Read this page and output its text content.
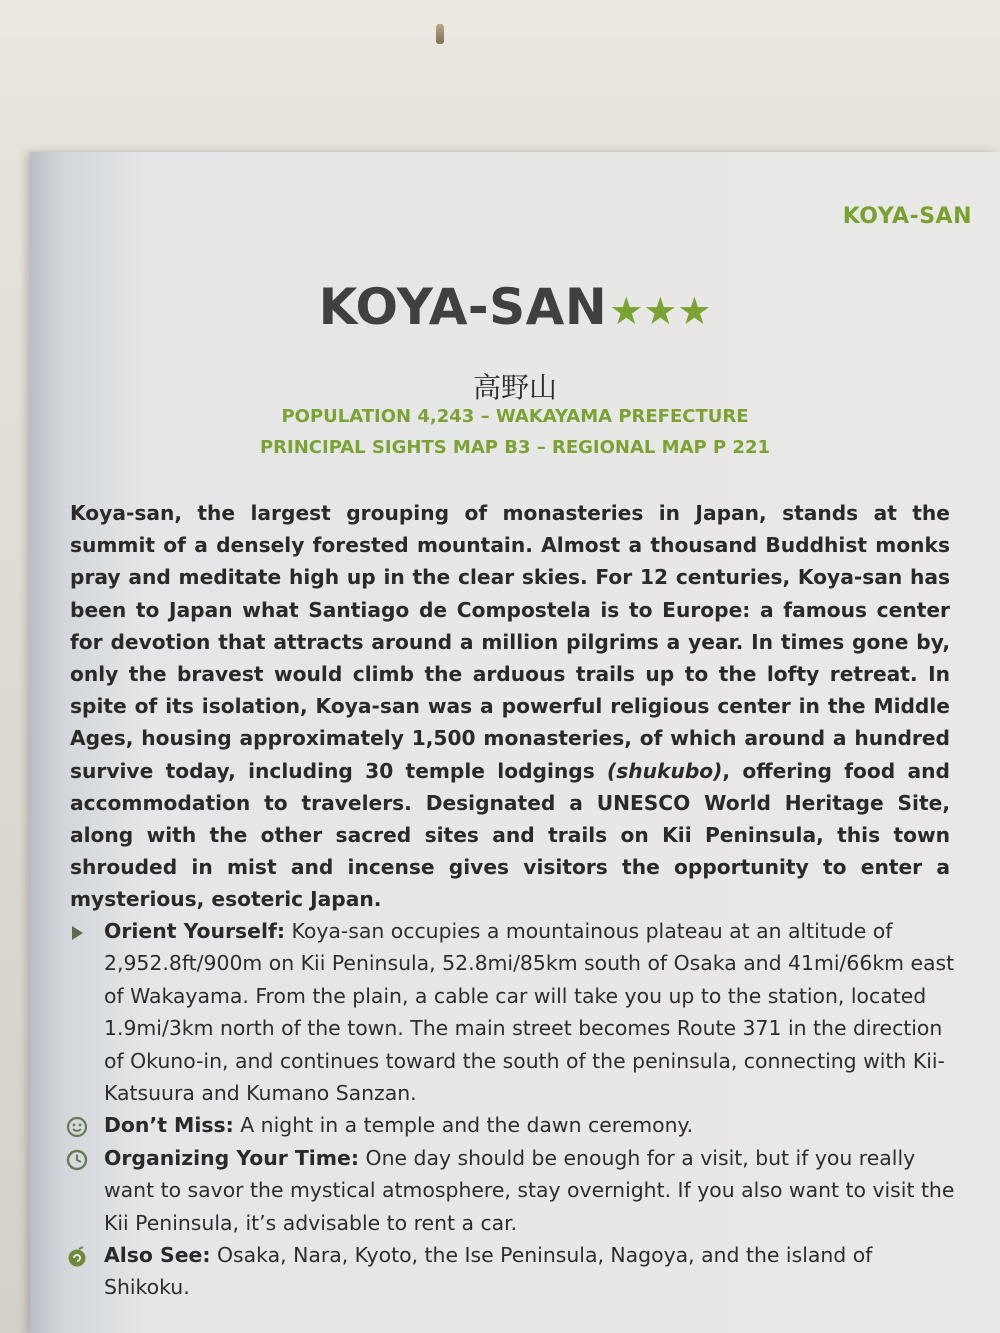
KOYA-SAN
KOYA-SAN★★★
高野山
POPULATION 4,243 – WAKAYAMA PREFECTURE
PRINCIPAL SIGHTS MAP B3 – REGIONAL MAP P 221

Koya-san, the largest grouping of monasteries in Japan, stands at the summit of a densely forested mountain. Almost a thousand Buddhist monks pray and meditate high up in the clear skies. For 12 centuries, Koya-san has been to Japan what Santiago de Compostela is to Europe: a famous center for devotion that attracts around a million pilgrims a year. In times gone by, only the bravest would climb the arduous trails up to the lofty retreat. In spite of its isolation, Koya-san was a powerful religious center in the Middle Ages, housing approximately 1,500 monasteries, of which around a hundred survive today, including 30 temple lodgings (shukubo), offering food and accommodation to travelers. Designated a UNESCO World Heritage Site, along with the other sacred sites and trails on Kii Peninsula, this town shrouded in mist and incense gives visitors the opportunity to enter a mysterious, esoteric Japan.

Orient Yourself: Koya-san occupies a mountainous plateau at an altitude of 2,952.8ft/900m on Kii Peninsula, 52.8mi/85km south of Osaka and 41mi/66km east of Wakayama. From the plain, a cable car will take you up to the station, located 1.9mi/3km north of the town. The main street becomes Route 371 in the direction of Okuno-in, and continues toward the south of the peninsula, connecting with Kii-Katsuura and Kumano Sanzan.
Don’t Miss: A night in a temple and the dawn ceremony.
Organizing Your Time: One day should be enough for a visit, but if you really want to savor the mystical atmosphere, stay overnight. If you also want to visit the Kii Peninsula, it’s advisable to rent a car.
Also See: Osaka, Nara, Kyoto, the Ise Peninsula, Nagoya, and the island of Shikoku.
